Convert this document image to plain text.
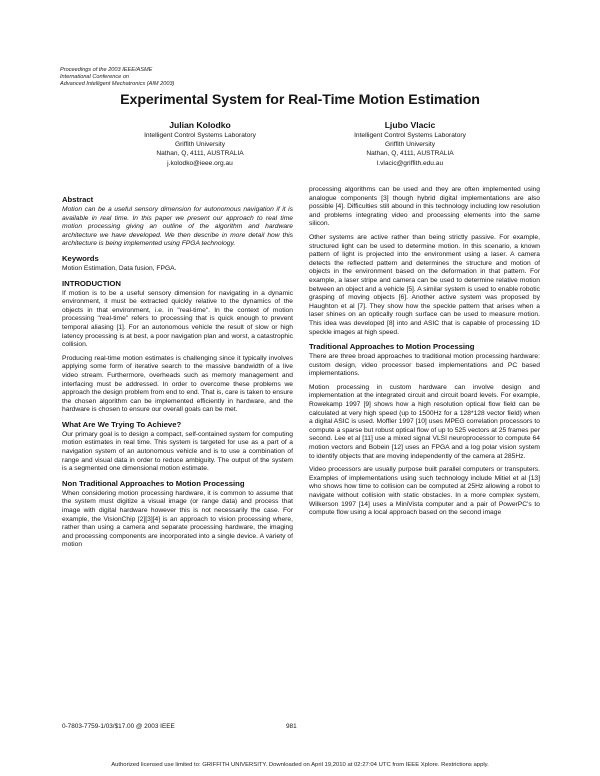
Proceedings of the 2003 IEEE/ASME
International Conference on
Advanced Intelligent Mechatronics (AIM 2003)
Experimental System for Real-Time Motion Estimation
Julian Kolodko
Intelligent Control Systems Laboratory
Griffith University
Nathan, Q, 4111, AUSTRALIA
j.kolodko@ieee.org.au
Ljubo Vlacic
Intelligent Control Systems Laboratory
Griffith University
Nathan, Q, 4111, AUSTRALIA
l.vlacic@griffith.edu.au
Abstract
Motion can be a useful sensory dimension for autonomous navigation if it is available in real time. In this paper we present our approach to real time motion processing giving an outline of the algorithm and hardware architecture we have developed. We then describe in more detail how this architecture is being implemented using FPGA technology.
Keywords
Motion Estimation, Data fusion, FPGA.
INTRODUCTION
If motion is to be a useful sensory dimension for navigating in a dynamic environment, it must be extracted quickly relative to the dynamics of the objects in that environment, i.e. in "real-time". In the context of motion processing "real-time" refers to processing that is quick enough to prevent temporal aliasing [1]. For an autonomous vehicle the result of slow or high latency processing is at best, a poor navigation plan and worst, a catastrophic collision.
Producing real-time motion estimates is challenging since it typically involves applying some form of iterative search to the massive bandwidth of a live video stream. Furthermore, overheads such as memory management and interfacing must be addressed. In order to overcome these problems we approach the design problem from end to end. That is, care is taken to ensure the chosen algorithm can be implemented efficiently in hardware, and the hardware is chosen to ensure our overall goals can be met.
What Are We Trying To Achieve?
Our primary goal is to design a compact, self-contained system for computing motion estimates in real time. This system is targeted for use as a part of a navigation system of an autonomous vehicle and is to use a combination of range and visual data in order to reduce ambiguity. The output of the system is a segmented one dimensional motion estimate.
Non Traditional Approaches to Motion Processing
When considering motion processing hardware, it is common to assume that the system must digitize a visual image (or range data) and process that image with digital hardware however this is not necessarily the case. For example, the VisionChip [2][3][4] is an approach to vision processing where, rather than using a camera and separate processing hardware, the imaging and processing components are incorporated into a single device. A variety of motion
processing algorithms can be used and they are often implemented using analogue components [3] though hybrid digital implementations are also possible [4]. Difficulties still abound in this technology including low resolution and problems integrating video and processing elements into the same silicon.
Other systems are active rather than being strictly passive. For example, structured light can be used to determine motion. In this scenario, a known pattern of light is projected into the environment using a laser. A camera detects the reflected pattern and determines the structure and motion of objects in the environment based on the deformation in that pattern. For example, a laser stripe and camera can be used to determine relative motion between an object and a vehicle [5]. A similar system is used to enable robotic grasping of moving objects [6]. Another active system was proposed by Haughton et al [7]. They show how the speckle pattern that arises when a laser shines on an optically rough surface can be used to measure motion. This idea was developed [8] into and ASIC that is capable of processing 1D speckle images at high speed.
Traditional Approaches to Motion Processing
There are three broad approaches to traditional motion processing hardware: custom design, video processor based implementations and PC based implementations.
Motion processing in custom hardware can involve design and implementation at the integrated circuit and circuit board levels. For example, Rowekamp 1997 [9] shows how a high resolution optical flow field can be calculated at very high speed (up to 1500Hz for a 128*128 vector field) when a digital ASIC is used. Moffler 1997 [10] uses MPEG correlation processors to compute a sparse but robust optical flow of up to 525 vectors at 25 frames per second. Lee et al [11] use a mixed signal VLSI neuroprocessor to compute 64 motion vectors and Bobein [12] uses an FPGA and a log polar vision system to identify objects that are moving independently of the camera at 285Hz.
Video processors are usually purpose built parallel computers or transputers. Examples of implementations using such technology include Mitiel et al [13] who shows how time to collision can be computed at 25Hz allowing a robot to navigate without collision with static obstacles. In a more complex system, Wilkerson 1997 [14] uses a MiniVista computer and a pair of PowerPC's to compute flow using a local approach based on the second image
0-7803-7759-1/03/$17.00 @ 2003 IEEE	981
Authorized licensed use limited to: GRIFFITH UNIVERSITY. Downloaded on April 19,2010 at 02:27:04 UTC from IEEE Xplore. Restrictions apply.
